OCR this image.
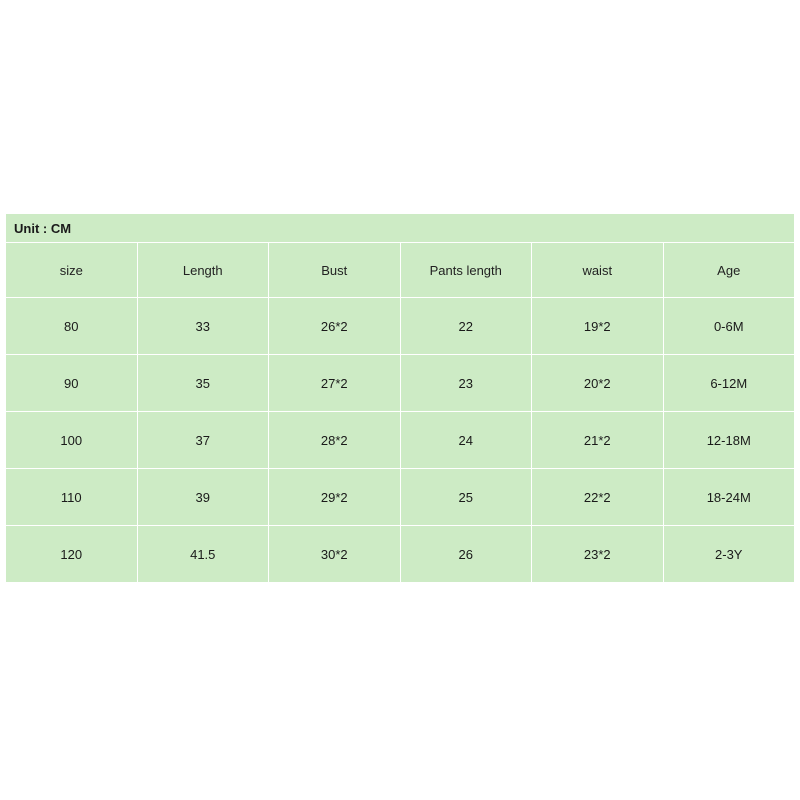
Unit : CM					
size	Length	Bust	Pants length	waist	Age
80	33	26*2	22	19*2	0-6M
90	35	27*2	23	20*2	6-12M
100	37	28*2	24	21*2	12-18M
110	39	29*2	25	22*2	18-24M
120	41.5	30*2	26	23*2	2-3Y
